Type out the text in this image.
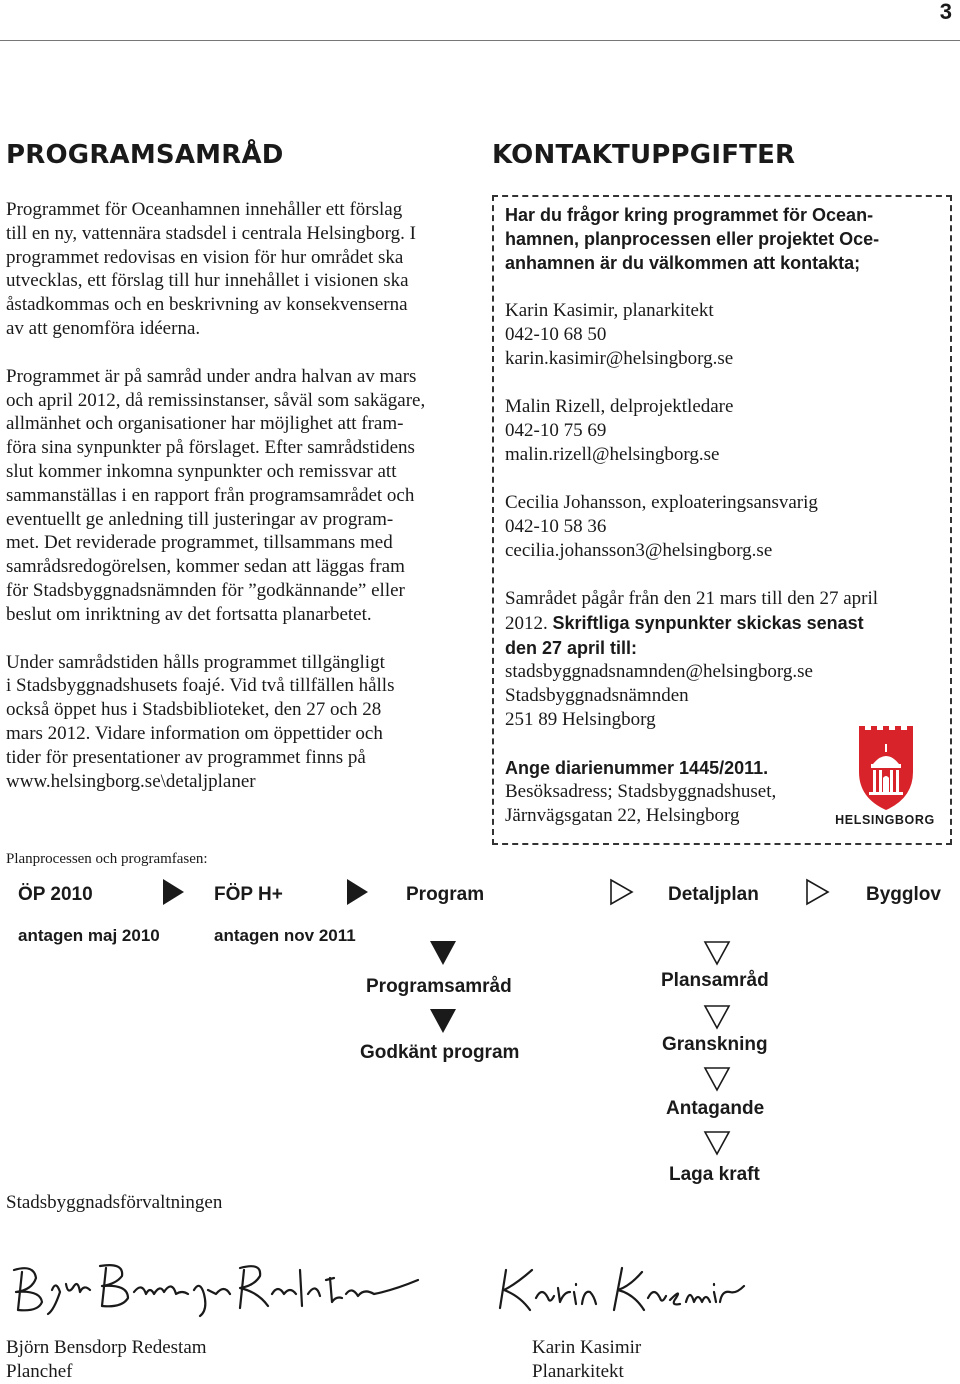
3
PROGRAMSAMRÅD
Programmet för Oceanhamnen innehåller ett förslag
till en ny, vattennära stadsdel i centrala Helsingborg. I
programmet redovisas en vision för hur området ska
utvecklas, ett förslag till hur innehållet i visionen ska
åstadkommas och en beskrivning av konsekvenserna
av att genomföra idéerna.
Programmet är på samråd under andra halvan av mars
och april 2012, då remissinstanser, såväl som sakägare,
allmänhet och organisationer har möjlighet att fram-
föra sina synpunkter på förslaget. Efter samrådstidens
slut kommer inkomna synpunkter och remissvar att
sammanställas i en rapport från programsamrådet och
eventuellt ge anledning till justeringar av program-
met. Det reviderade programmet, tillsammans med
samrådsredogörelsen, kommer sedan att läggas fram
för Stadsbyggnadsnämnden för ”godkännande” eller
beslut om inriktning av det fortsatta planarbetet.
Under samrådstiden hålls programmet tillgängligt
i Stadsbyggnadshusets foajé. Vid två tillfällen hålls
också öppet hus i Stadsbiblioteket, den 27 och 28
mars 2012. Vidare information om öppettider och
tider för presentationer av programmet finns på
www.helsingborg.se\detaljplaner
KONTAKTUPPGIFTER
Har du frågor kring programmet för Ocean-
hamnen, planprocessen eller projektet Oce-
anhamnen är du välkommen att kontakta;
Karin Kasimir, planarkitekt
042-10 68 50
karin.kasimir@helsingborg.se
Malin Rizell, delprojektledare
042-10 75 69
malin.rizell@helsingborg.se
Cecilia Johansson, exploateringsansvarig
042-10 58 36
cecilia.johansson3@helsingborg.se
Samrådet pågår från den 21 mars till den 27 april
2012. Skriftliga synpunkter skickas senast
den 27 april till:
stadsbyggnadsnamnden@helsingborg.se
Stadsbyggnadsnämnden
251 89 Helsingborg
Ange diarienummer 1445/2011.
Besöksadress; Stadsbyggnadshuset,
Järnvägsgatan 22, Helsingborg	HELSINGBORG
Planprocessen och programfasen:
ÖP 2010	FÖP H+	Program	Detaljplan	Bygglov
antagen maj 2010	antagen nov 2011
Programsamråd
Godkänt program
Plansamråd
Granskning
Antagande
Laga kraft
Stadsbyggnadsförvaltningen
Björn Bensdorp Redestam
Planchef
Karin Kasimir
Planarkitekt
